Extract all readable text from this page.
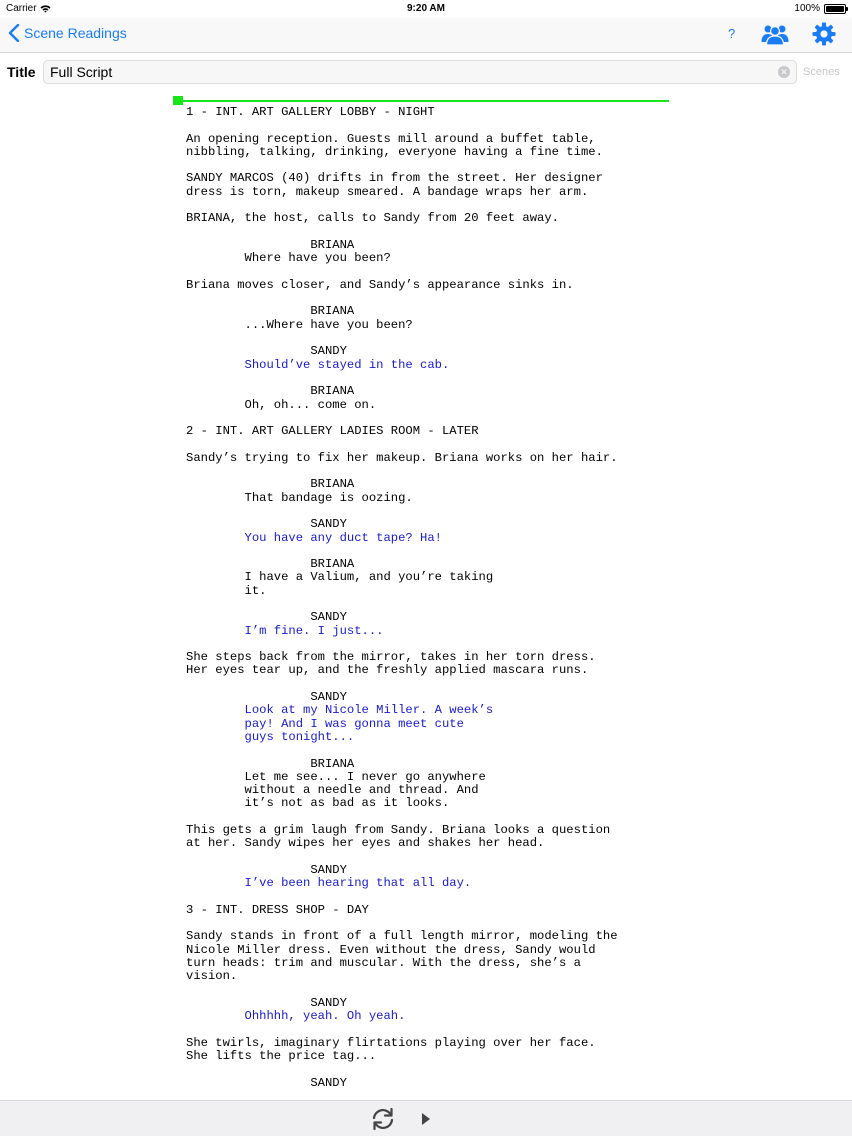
Carrier	9:20 AM	100%
Scene Readings	?
Title
Full Script	✕ Scenes
1 - INT. ART GALLERY LOBBY - NIGHT
An opening reception. Guests mill around a buffet table,
nibbling, talking, drinking, everyone having a fine time.
SANDY MARCOS (40) drifts in from the street. Her designer
dress is torn, makeup smeared. A bandage wraps her arm.
BRIANA, the host, calls to Sandy from 20 feet away.
BRIANA
Where have you been?
Briana moves closer, and Sandy’s appearance sinks in.
BRIANA
...Where have you been?
SANDY
Should’ve stayed in the cab.
BRIANA
Oh, oh... come on.
2 - INT. ART GALLERY LADIES ROOM - LATER
Sandy’s trying to fix her makeup. Briana works on her hair.
BRIANA
That bandage is oozing.
SANDY
You have any duct tape? Ha!
BRIANA
I have a Valium, and you’re taking
it.
SANDY
I’m fine. I just...
She steps back from the mirror, takes in her torn dress.
Her eyes tear up, and the freshly applied mascara runs.
SANDY
Look at my Nicole Miller. A week’s
pay! And I was gonna meet cute
guys tonight...
BRIANA
Let me see... I never go anywhere
without a needle and thread. And
it’s not as bad as it looks.
This gets a grim laugh from Sandy. Briana looks a question
at her. Sandy wipes her eyes and shakes her head.
SANDY
I’ve been hearing that all day.
3 - INT. DRESS SHOP - DAY
Sandy stands in front of a full length mirror, modeling the
Nicole Miller dress. Even without the dress, Sandy would
turn heads: trim and muscular. With the dress, she’s a
vision.
SANDY
Ohhhhh, yeah. Oh yeah.
She twirls, imaginary flirtations playing over her face.
She lifts the price tag...
SANDY
